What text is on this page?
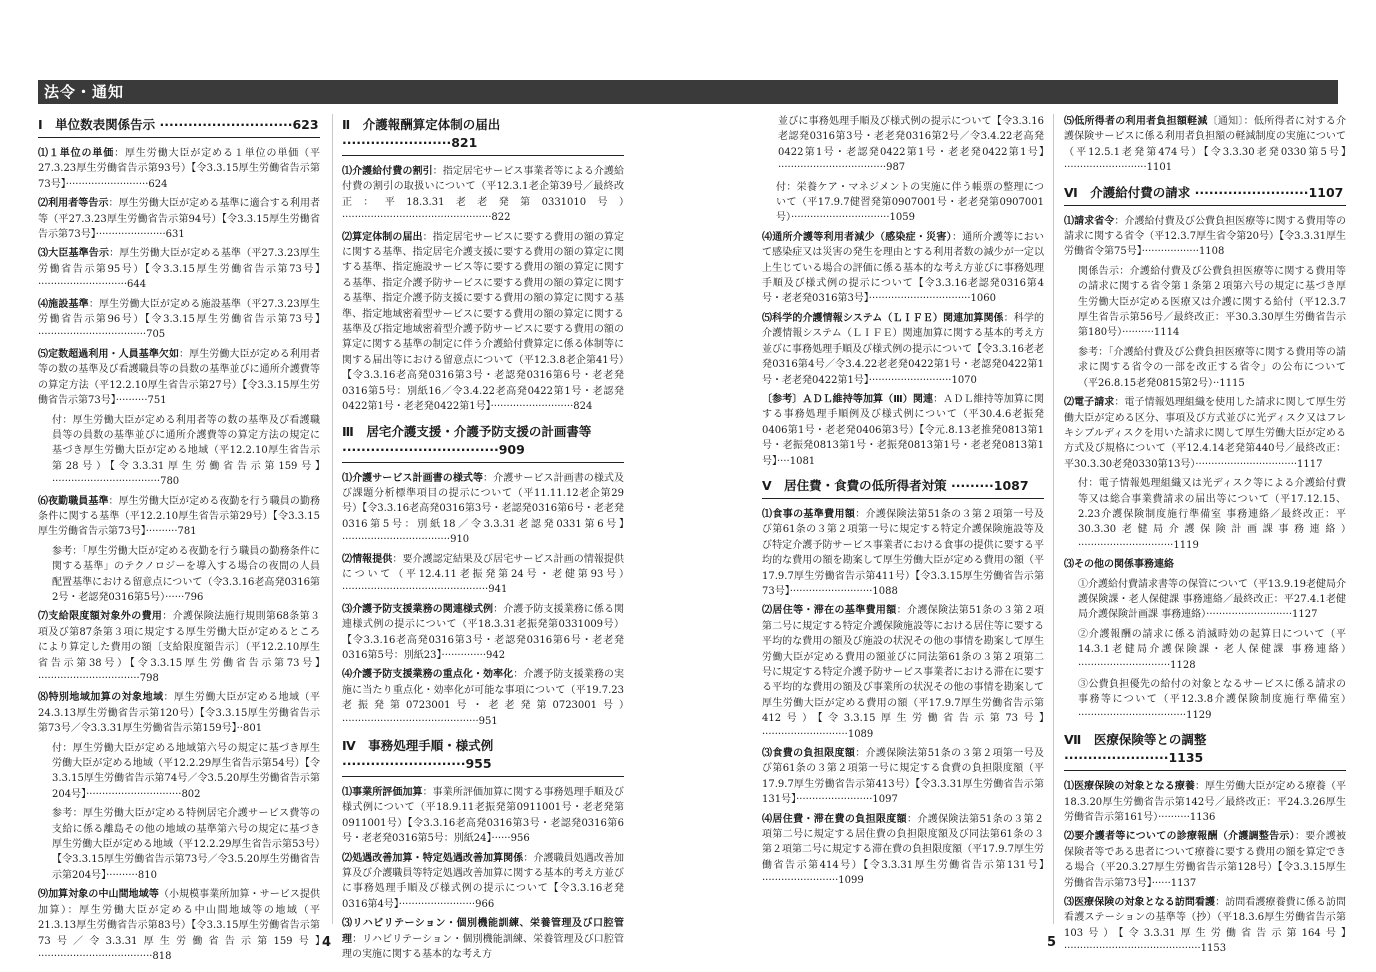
法令・通知
Ⅰ　単位数表関係告示 ····························623
⑴１単位の単価：厚生労働大臣が定める１単位の単価（平27.3.23厚生労働省告示第93号）【令3.3.15厚生労働省告示第73号】··························624
⑵利用者等告示：厚生労働大臣が定める基準に適合する利用者等（平27.3.23厚生労働省告示第94号）【令3.3.15厚生労働省告示第73号】······················631
⑶大臣基準告示：厚生労働大臣が定める基準（平27.3.23厚生労働省告示第95号）【令3.3.15厚生労働省告示第73号】····························644
⑷施設基準：厚生労働大臣が定める施設基準（平27.3.23厚生労働省告示第96号）【令3.3.15厚生労働省告示第73号】··································705
⑸定数超過利用・人員基準欠如：厚生労働大臣が定める利用者等の数の基準及び看護職員等の員数の基準並びに通所介護費等の算定方法（平12.2.10厚生省告示第27号）【令3.3.15厚生労働省告示第73号】··········751
付：厚生労働大臣が定める利用者等の数の基準及び看護職員等の員数の基準並びに通所介護費等の算定方法の規定に基づき厚生労働大臣が定める地域（平12.2.10厚生省告示第28号）【令3.3.31厚生労働省告示第159号】··································780
⑹夜勤職員基準：厚生労働大臣が定める夜勤を行う職員の勤務条件に関する基準（平12.2.10厚生省告示第29号）【令3.3.15厚生労働省告示第73号】··········781
参考：「厚生労働大臣が定める夜勤を行う職員の勤務条件に関する基準」のテクノロジーを導入する場合の夜間の人員配置基準における留意点について（令3.3.16老高発0316第2号・老認発0316第5号）······796
⑺支給限度額対象外の費用：介護保険法施行規則第68条第３項及び第87条第３項に規定する厚生労働大臣が定めるところにより算定した費用の額〔支給限度額告示〕（平12.2.10厚生省告示第38号）【令3.3.15厚生労働省告示第73号】································798
⑻特別地域加算の対象地域：厚生労働大臣が定める地域（平24.3.13厚生労働省告示第120号）【令3.3.15厚生労働省告示第73号／令3.3.31厚生労働省告示第159号】··801
付：厚生労働大臣が定める地域第六号の規定に基づき厚生労働大臣が定める地域（平12.2.29厚生省告示第54号）【令3.3.15厚生労働省告示第74号／令3.5.20厚生労働省告示第204号】······························802
参考：厚生労働大臣が定める特例居宅介護サービス費等の支給に係る離島その他の地域の基準第六号の規定に基づき厚生労働大臣が定める地域（平12.2.29厚生省告示第53号）【令3.3.15厚生労働省告示第73号／令3.5.20厚生労働省告示第204号】··········810
⑼加算対象の中山間地域等（小規模事業所加算・サービス提供加算）：厚生労働大臣が定める中山間地域等の地域（平21.3.13厚生労働省告示第83号）【令3.3.15厚生労働省告示第73号／令3.3.31厚生労働省告示第159号】····································818
Ⅱ　介護報酬算定体制の届出 ·······················821
⑴介護給付費の割引：指定居宅サービス事業者等による介護給付費の割引の取扱いについて（平12.3.1老企第39号／最終改正：平18.3.31老老発第0331010号）···············································822
⑵算定体制の届出：指定居宅サービスに要する費用の額の算定に関する基準、指定居宅介護支援に要する費用の額の算定に関する基準、指定施設サービス等に要する費用の額の算定に関する基準、指定介護予防サービスに要する費用の額の算定に関する基準、指定介護予防支援に要する費用の額の算定に関する基準、指定地域密着型サービスに要する費用の額の算定に関する基準及び指定地域密着型介護予防サービスに要する費用の額の算定に関する基準の制定に伴う介護給付費算定に係る体制等に関する届出等における留意点について（平12.3.8老企第41号）【令3.3.16老高発0316第3号・老認発0316第6号・老老発0316第5号：別紙16／令3.4.22老高発0422第1号・老認発0422第1号・老老発0422第1号】··························824
Ⅲ　居宅介護支援・介護予防支援の計画書等 ·································909
⑴介護サービス計画書の様式等：介護サービス計画書の様式及び課題分析標準項目の提示について（平11.11.12老企第29号）【令3.3.16老高発0316第3号・老認発0316第6号・老老発0316第5号：別紙18／令3.3.31老認発0331第6号】··································910
⑵情報提供：要介護認定結果及び居宅サービス計画の情報提供について（平12.4.11老振発第24号・老健第93号）··············································941
⑶介護予防支援業務の関連様式例：介護予防支援業務に係る関連様式例の提示について（平18.3.31老振発第0331009号）【令3.3.16老高発0316第3号・老認発0316第6号・老老発0316第5号：別紙23】··············942
⑷介護予防支援業務の重点化・効率化：介護予防支援業務の実施に当たり重点化・効率化が可能な事項について（平19.7.23老振発第0723001号・老老発第0723001号）···········································951
Ⅳ　事務処理手順・様式例 ··························955
⑴事業所評価加算：事業所評価加算に関する事務処理手順及び様式例について（平18.9.11老振発第0911001号・老老発第0911001号）【令3.3.16老高発0316第3号・老認発0316第6号・老老発0316第5号：別紙24】······956
⑵処遇改善加算・特定処遇改善加算関係：介護職員処遇改善加算及び介護職員等特定処遇改善加算に関する基本的考え方並びに事務処理手順及び様式例の提示について【令3.3.16老発0316第4号】························966
⑶リハビリテーション・個別機能訓練、栄養管理及び口腔管理：リハビリテーション・個別機能訓練、栄養管理及び口腔管理の実施に関する基本的な考え方
4
並びに事務処理手順及び様式例の提示について【令3.3.16老認発0316第3号・老老発0316第2号／令3.4.22老高発0422第1号・老認発0422第1号・老老発0422第1号】··································987
付：栄養ケア・マネジメントの実施に伴う帳票の整理について（平17.9.7健習発第0907001号・老老発第0907001号）·······························1059
⑷通所介護等利用者減少（感染症・災害）：通所介護等において感染症又は災害の発生を理由とする利用者数の減少が一定以上生じている場合の評価に係る基本的な考え方並びに事務処理手順及び様式例の提示について【令3.3.16老認発0316第4号・老老発0316第3号】································1060
⑸科学的介護情報システム（ＬＩＦＥ）関連加算関係：科学的介護情報システム（ＬＩＦＥ）関連加算に関する基本的考え方並びに事務処理手順及び様式例の提示について【令3.3.16老老発0316第4号／令3.4.22老老発0422第1号・老認発0422第1号・老老発0422第1号】··························1070
〔参考〕ＡＤＬ維持等加算（Ⅲ）関連：ＡＤＬ維持等加算に関する事務処理手順例及び様式例について（平30.4.6老振発0406第1号・老老発0406第3号）【令元.8.13老推発0813第1号・老振発0813第1号・老振発0813第1号・老老発0813第1号】····1081
Ⅴ　居住費・食費の低所得者対策 ·········1087
⑴食事の基準費用額：介護保険法第51条の３第２項第一号及び第61条の３第２項第一号に規定する特定介護保険施設等及び特定介護予防サービス事業者における食事の提供に要する平均的な費用の額を勘案して厚生労働大臣が定める費用の額（平17.9.7厚生労働省告示第411号）【令3.3.15厚生労働省告示第73号】··························1088
⑵居住等・滞在の基準費用額：介護保険法第51条の３第２項第二号に規定する特定介護保険施設等における居住等に要する平均的な費用の額及び施設の状況その他の事情を勘案して厚生労働大臣が定める費用の額並びに同法第61条の３第２項第二号に規定する特定介護予防サービス事業者における滞在に要する平均的な費用の額及び事業所の状況その他の事情を勘案して厚生労働大臣が定める費用の額（平17.9.7厚生労働省告示第412号）【令3.3.15厚生労働省告示第73号】···························1089
⑶食費の負担限度額：介護保険法第51条の３第２項第一号及び第61条の３第２項第一号に規定する食費の負担限度額（平17.9.7厚生労働省告示第413号）【令3.3.31厚生労働省告示第131号】························1097
⑷居住費・滞在費の負担限度額：介護保険法第51条の３第２項第二号に規定する居住費の負担限度額及び同法第61条の３第２項第二号に規定する滞在費の負担限度額（平17.9.7厚生労働省告示第414号）【令3.3.31厚生労働省告示第131号】························1099
⑸低所得者の利用者負担額軽減〔通知〕：低所得者に対する介護保険サービスに係る利用者負担額の軽減制度の実施について（平12.5.1老発第474号）【令3.3.30老発0330第5号】··························1101
Ⅵ　介護給付費の請求 ························1107
⑴請求省令：介護給付費及び公費負担医療等に関する費用等の請求に関する省令（平12.3.7厚生省令第20号）【令3.3.31厚生労働省令第75号】··················1108
関係告示：介護給付費及び公費負担医療等に関する費用等の請求に関する省令第１条第２項第六号の規定に基づき厚生労働大臣が定める医療又は介護に関する給付（平12.3.7厚生省告示第56号／最終改正：平30.3.30厚生労働省告示第180号）··········1114
参考：「介護給付費及び公費負担医療等に関する費用等の請求に関する省令の一部を改正する省令」の公布について（平26.8.15老発0815第2号）··1115
⑵電子請求：電子情報処理組織を使用した請求に関して厚生労働大臣が定める区分、事項及び方式並びに光ディスク又はフレキシブルディスクを用いた請求に関して厚生労働大臣が定める方式及び規格について（平12.4.14老発第440号／最終改正：平30.3.30老発0330第13号）································1117
付：電子情報処理組織又は光ディスク等による介護給付費等又は総合事業費請求の届出等について（平17.12.15、2.23介護保険制度施行準備室 事務連絡／最終改正：平30.3.30老健局介護保険計画課事務連絡）······························1119
⑶その他の関係事務連絡
①介護給付費請求書等の保管について（平13.9.19老健局介護保険課・老人保健課 事務連絡／最終改正：平27.4.1老健局介護保険計画課 事務連絡）···························1127
②介護報酬の請求に係る消滅時効の起算日について（平14.3.1老健局介護保険課・老人保健課 事務連絡）·····························1128
③公費負担優先の給付の対象となるサービスに係る請求の事務等について（平12.3.8介護保険制度施行準備室）··································1129
Ⅶ　医療保険等との調整 ······················1135
⑴医療保険の対象となる療養：厚生労働大臣が定める療養（平18.3.20厚生労働省告示第142号／最終改正：平24.3.26厚生労働省告示第161号）··········1136
⑵要介護者等についての診療報酬（介護調整告示）：要介護被保険者等である患者について療養に要する費用の額を算定できる場合（平20.3.27厚生労働省告示第128号）【令3.3.15厚生労働省告示第73号】······1137
⑶医療保険の対象となる訪問看護：訪問看護療養費に係る訪問看護ステーションの基準等（抄）（平18.3.6厚生労働省告示第103号）【令3.3.31厚生労働省告示第164号】···········································1153
5
